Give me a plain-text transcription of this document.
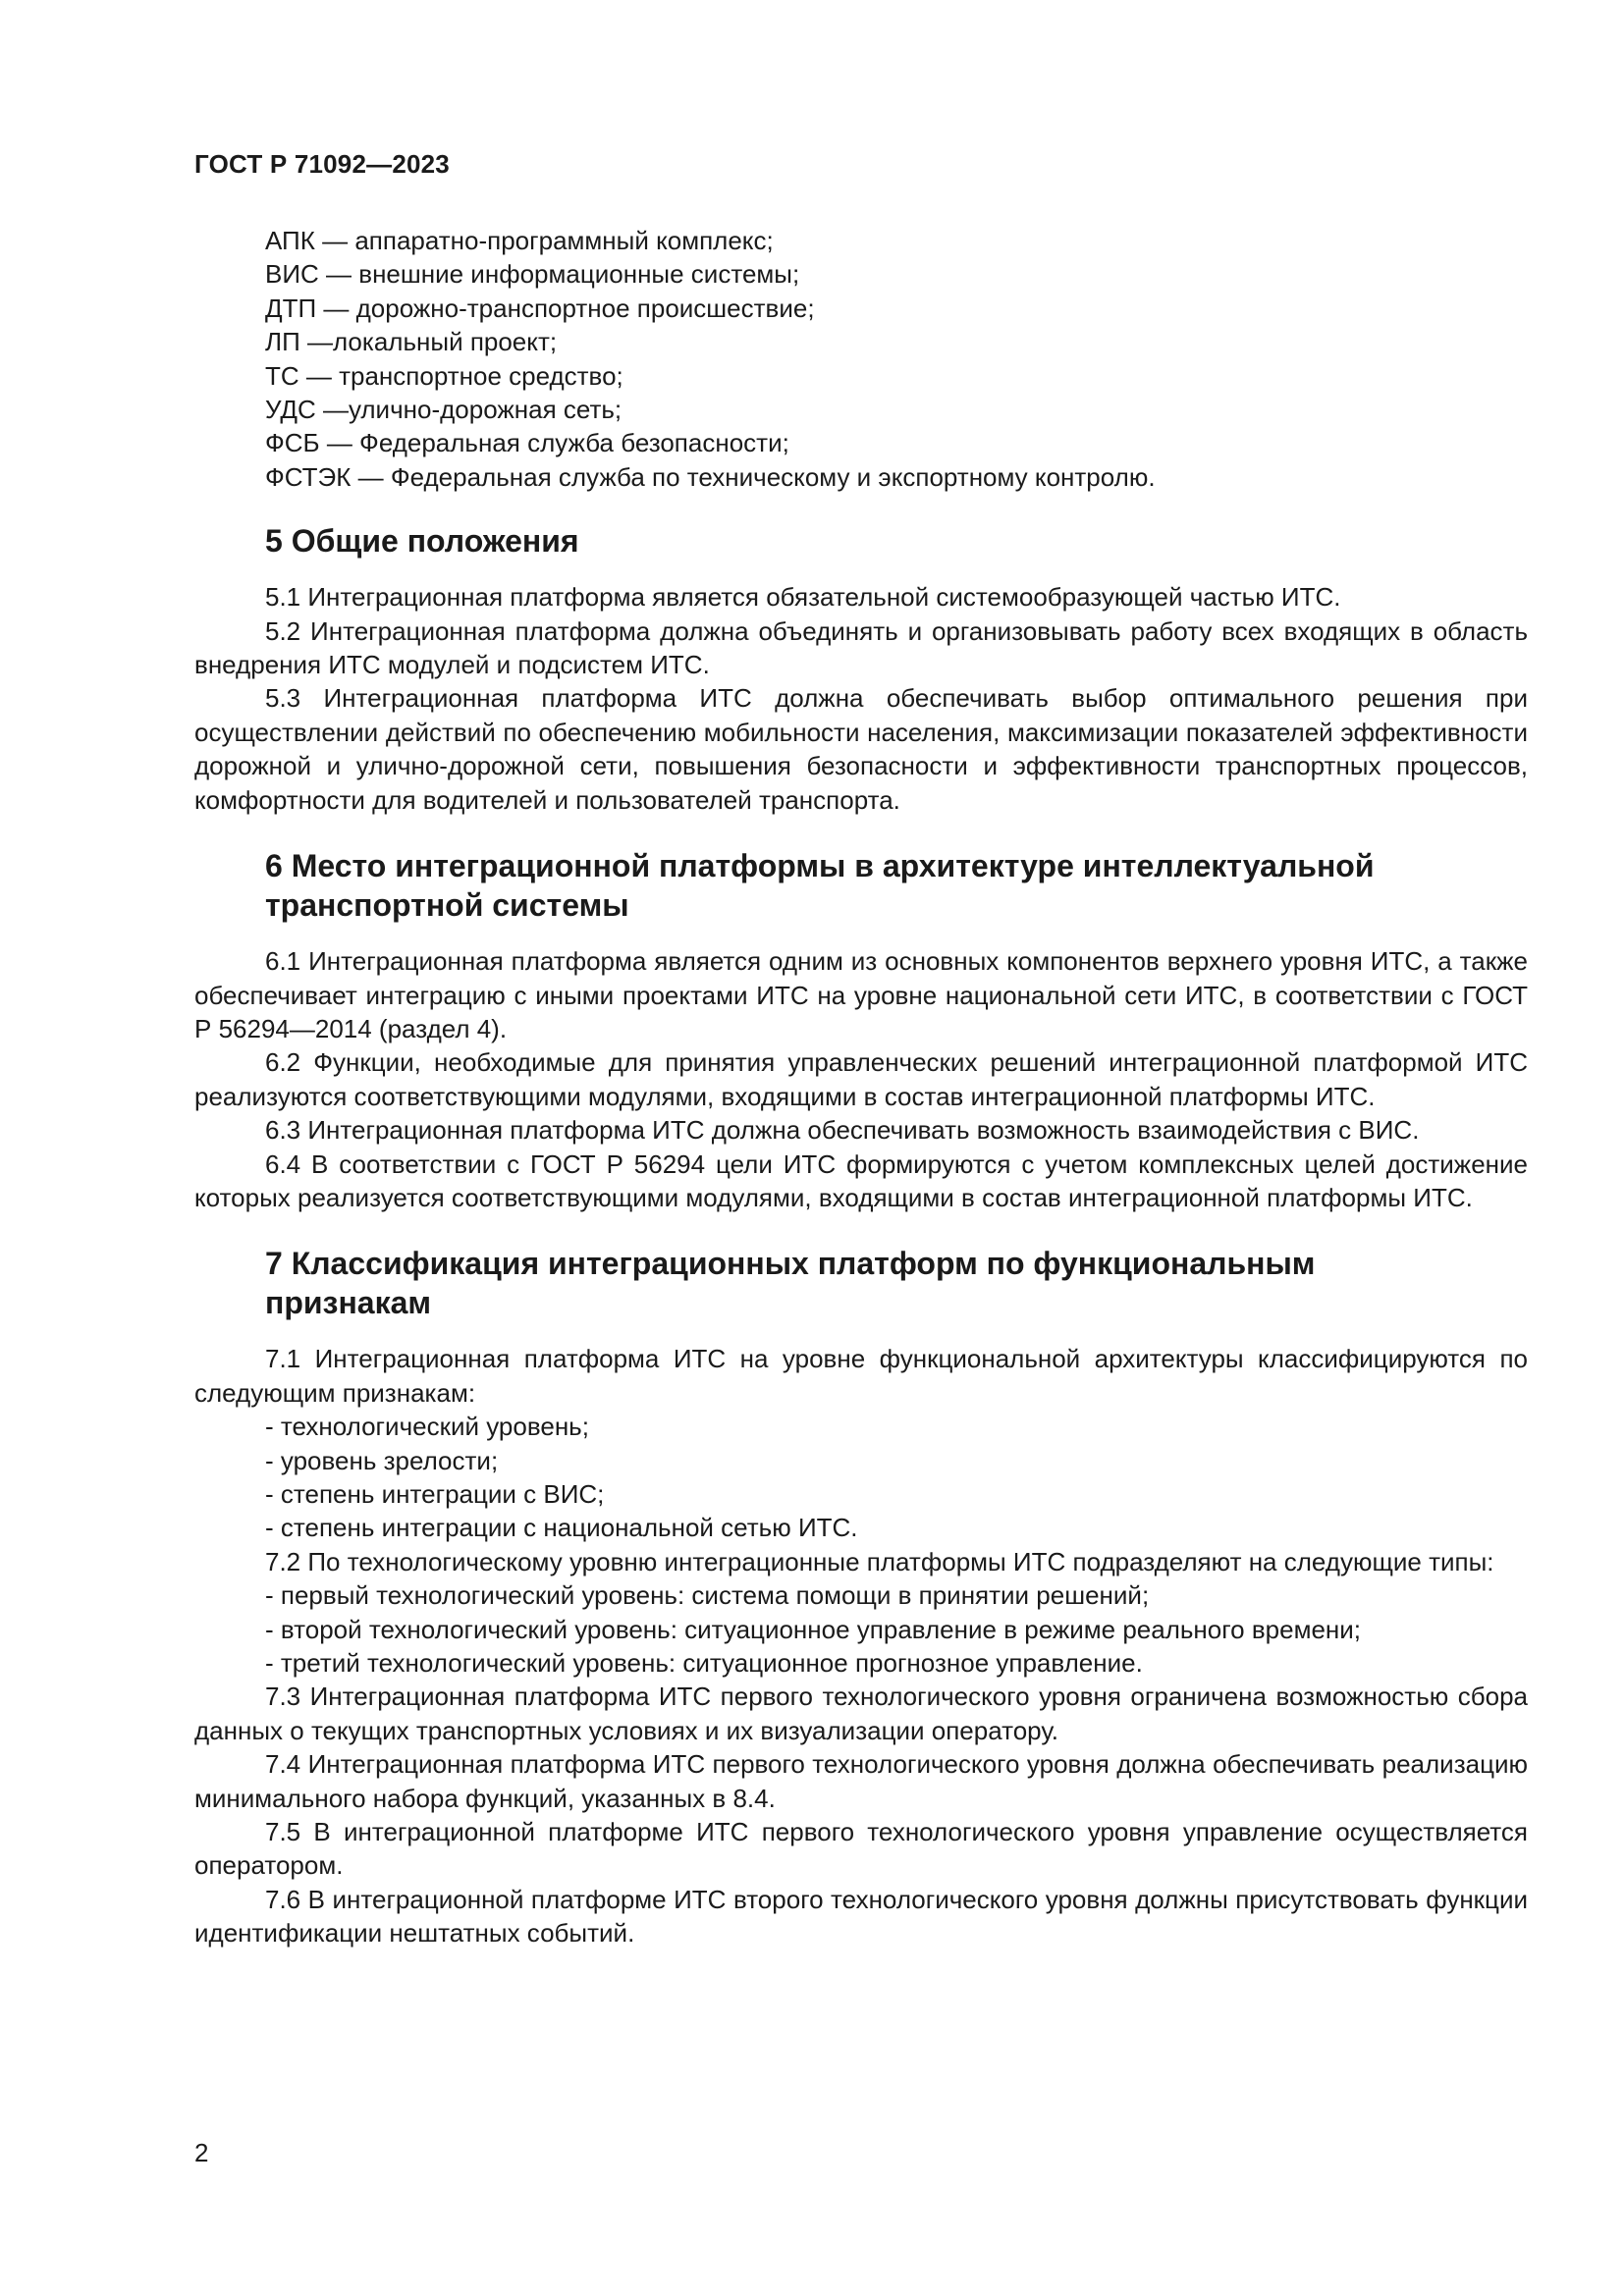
ГОСТ Р 71092—2023
АПК — аппаратно-программный комплекс;
ВИС — внешние информационные системы;
ДТП — дорожно-транспортное происшествие;
ЛП —локальный проект;
ТС — транспортное средство;
УДС —улично-дорожная сеть;
ФСБ — Федеральная служба безопасности;
ФСТЭК — Федеральная служба по техническому и экспортному контролю.
5 Общие положения

5.1 Интеграционная платформа является обязательной системообразующей частью ИТС.

5.2 Интеграционная платформа должна объединять и организовывать работу всех входящих в область внедрения ИТС модулей и подсистем ИТС.

5.3 Интеграционная платформа ИТС должна обеспечивать выбор оптимального решения при осуществлении действий по обеспечению мобильности населения, максимизации показателей эффективности дорожной и улично-дорожной сети, повышения безопасности и эффективности транспортных процессов, комфортности для водителей и пользователей транспорта.

6 Место интеграционной платформы в архитектуре интеллектуальной
транспортной системы

6.1 Интеграционная платформа является одним из основных компонентов верхнего уровня ИТС, а также обеспечивает интеграцию с иными проектами ИТС на уровне национальной сети ИТС, в соответствии с ГОСТ Р 56294—2014 (раздел 4).

6.2 Функции, необходимые для принятия управленческих решений интеграционной платформой ИТС реализуются соответствующими модулями, входящими в состав интеграционной платформы ИТС.

6.3 Интеграционная платформа ИТС должна обеспечивать возможность взаимодействия с ВИС.

6.4 В соответствии с ГОСТ Р 56294 цели ИТС формируются с учетом комплексных целей достижение которых реализуется соответствующими модулями, входящими в состав интеграционной платформы ИТС.

7 Классификация интеграционных платформ по функциональным
признакам

7.1 Интеграционная платформа ИТС на уровне функциональной архитектуры классифицируются по следующим признакам:

- технологический уровень;
- уровень зрелости;
- степень интеграции с ВИС;
- степень интеграции с национальной сетью ИТС.

7.2 По технологическому уровню интеграционные платформы ИТС подразделяют на следующие типы:

- первый технологический уровень: система помощи в принятии решений;
- второй технологический уровень: ситуационное управление в режиме реального времени;
- третий технологический уровень: ситуационное прогнозное управление.

7.3 Интеграционная платформа ИТС первого технологического уровня ограничена возможностью сбора данных о текущих транспортных условиях и их визуализации оператору.

7.4 Интеграционная платформа ИТС первого технологического уровня должна обеспечивать реализацию минимального набора функций, указанных в 8.4.

7.5 В интеграционной платформе ИТС первого технологического уровня управление осуществляется оператором.

7.6 В интеграционной платформе ИТС второго технологического уровня должны присутствовать функции идентификации нештатных событий.

2
